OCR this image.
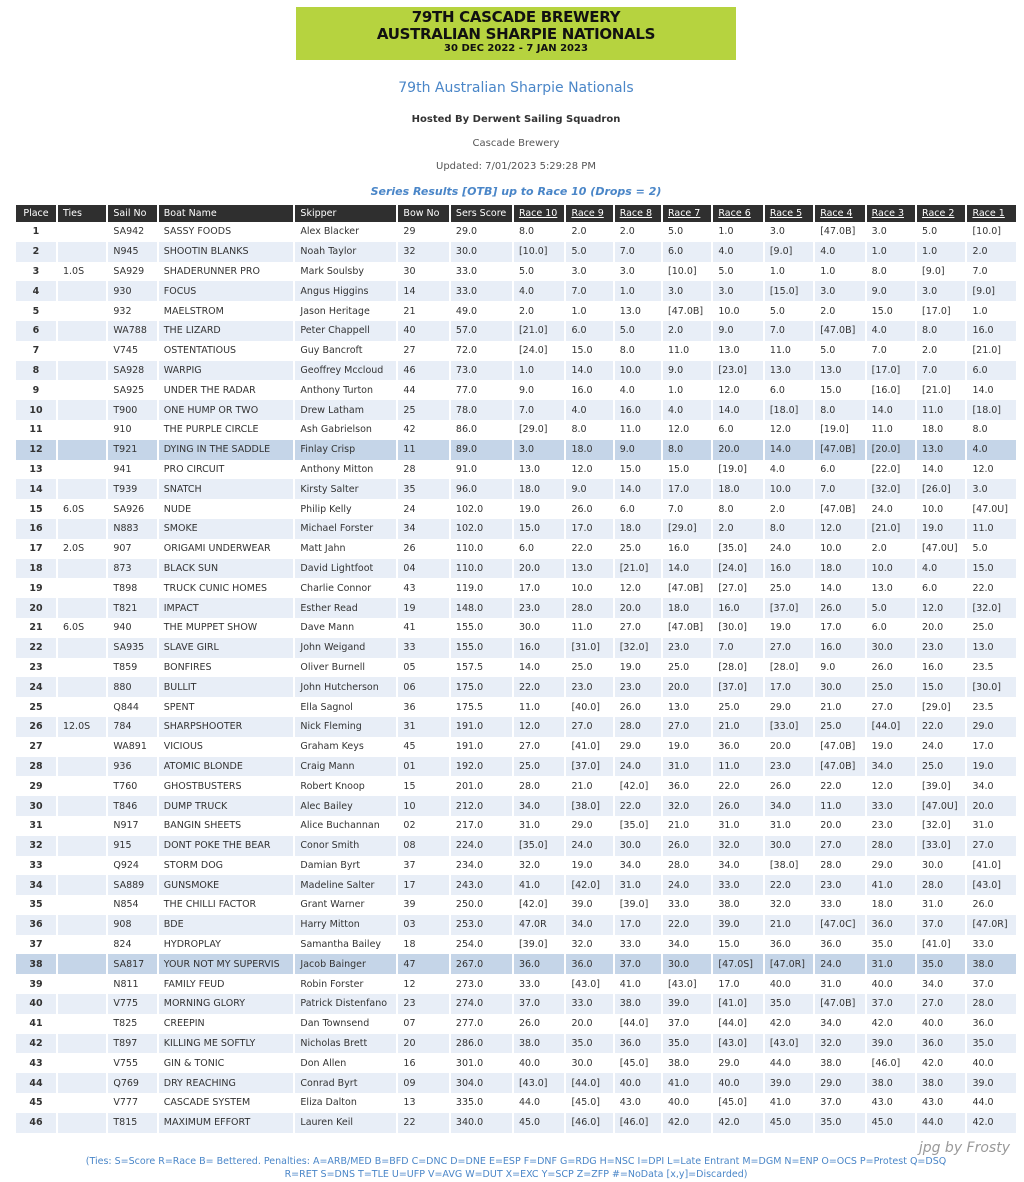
79TH CASCADE BREWERY
AUSTRALIAN SHARPIE NATIONALS
30 DEC 2022 - 7 JAN 2023
79th Australian Sharpie Nationals
Hosted By Derwent Sailing Squadron
Cascade Brewery
Updated: 7/01/2023 5:29:28 PM
Series Results [OTB] up to Race 10 (Drops = 2)
Place	Ties	Sail No	Boat Name	Skipper	Bow No	Sers Score	Race 10	Race 9	Race 8	Race 7	Race 6	Race 5	Race 4	Race 3	Race 2	Race 1
1		SA942	SASSY FOODS	Alex Blacker	29	29.0	8.0	2.0	2.0	5.0	1.0	3.0	[47.0B]	3.0	5.0	[10.0]
2		N945	SHOOTIN BLANKS	Noah Taylor	32	30.0	[10.0]	5.0	7.0	6.0	4.0	[9.0]	4.0	1.0	1.0	2.0
3	1.0S	SA929	SHADERUNNER PRO	Mark Soulsby	30	33.0	5.0	3.0	3.0	[10.0]	5.0	1.0	1.0	8.0	[9.0]	7.0
4		930	FOCUS	Angus Higgins	14	33.0	4.0	7.0	1.0	3.0	3.0	[15.0]	3.0	9.0	3.0	[9.0]
5		932	MAELSTROM	Jason Heritage	21	49.0	2.0	1.0	13.0	[47.0B]	10.0	5.0	2.0	15.0	[17.0]	1.0
6		WA788	THE LIZARD	Peter Chappell	40	57.0	[21.0]	6.0	5.0	2.0	9.0	7.0	[47.0B]	4.0	8.0	16.0
7		V745	OSTENTATIOUS	Guy Bancroft	27	72.0	[24.0]	15.0	8.0	11.0	13.0	11.0	5.0	7.0	2.0	[21.0]
8		SA928	WARPIG	Geoffrey Mccloud	46	73.0	1.0	14.0	10.0	9.0	[23.0]	13.0	13.0	[17.0]	7.0	6.0
9		SA925	UNDER THE RADAR	Anthony Turton	44	77.0	9.0	16.0	4.0	1.0	12.0	6.0	15.0	[16.0]	[21.0]	14.0
10		T900	ONE HUMP OR TWO	Drew Latham	25	78.0	7.0	4.0	16.0	4.0	14.0	[18.0]	8.0	14.0	11.0	[18.0]
11		910	THE PURPLE CIRCLE	Ash Gabrielson	42	86.0	[29.0]	8.0	11.0	12.0	6.0	12.0	[19.0]	11.0	18.0	8.0
12		T921	DYING IN THE SADDLE	Finlay Crisp	11	89.0	3.0	18.0	9.0	8.0	20.0	14.0	[47.0B]	[20.0]	13.0	4.0
13		941	PRO CIRCUIT	Anthony Mitton	28	91.0	13.0	12.0	15.0	15.0	[19.0]	4.0	6.0	[22.0]	14.0	12.0
14		T939	SNATCH	Kirsty Salter	35	96.0	18.0	9.0	14.0	17.0	18.0	10.0	7.0	[32.0]	[26.0]	3.0
15	6.0S	SA926	NUDE	Philip Kelly	24	102.0	19.0	26.0	6.0	7.0	8.0	2.0	[47.0B]	24.0	10.0	[47.0U]
16		N883	SMOKE	Michael Forster	34	102.0	15.0	17.0	18.0	[29.0]	2.0	8.0	12.0	[21.0]	19.0	11.0
17	2.0S	907	ORIGAMI UNDERWEAR	Matt Jahn	26	110.0	6.0	22.0	25.0	16.0	[35.0]	24.0	10.0	2.0	[47.0U]	5.0
18		873	BLACK SUN	David Lightfoot	04	110.0	20.0	13.0	[21.0]	14.0	[24.0]	16.0	18.0	10.0	4.0	15.0
19		T898	TRUCK CUNIC HOMES	Charlie Connor	43	119.0	17.0	10.0	12.0	[47.0B]	[27.0]	25.0	14.0	13.0	6.0	22.0
20		T821	IMPACT	Esther Read	19	148.0	23.0	28.0	20.0	18.0	16.0	[37.0]	26.0	5.0	12.0	[32.0]
21	6.0S	940	THE MUPPET SHOW	Dave Mann	41	155.0	30.0	11.0	27.0	[47.0B]	[30.0]	19.0	17.0	6.0	20.0	25.0
22		SA935	SLAVE GIRL	John Weigand	33	155.0	16.0	[31.0]	[32.0]	23.0	7.0	27.0	16.0	30.0	23.0	13.0
23		T859	BONFIRES	Oliver Burnell	05	157.5	14.0	25.0	19.0	25.0	[28.0]	[28.0]	9.0	26.0	16.0	23.5
24		880	BULLIT	John Hutcherson	06	175.0	22.0	23.0	23.0	20.0	[37.0]	17.0	30.0	25.0	15.0	[30.0]
25		Q844	SPENT	Ella Sagnol	36	175.5	11.0	[40.0]	26.0	13.0	25.0	29.0	21.0	27.0	[29.0]	23.5
26	12.0S	784	SHARPSHOOTER	Nick Fleming	31	191.0	12.0	27.0	28.0	27.0	21.0	[33.0]	25.0	[44.0]	22.0	29.0
27		WA891	VICIOUS	Graham Keys	45	191.0	27.0	[41.0]	29.0	19.0	36.0	20.0	[47.0B]	19.0	24.0	17.0
28		936	ATOMIC BLONDE	Craig Mann	01	192.0	25.0	[37.0]	24.0	31.0	11.0	23.0	[47.0B]	34.0	25.0	19.0
29		T760	GHOSTBUSTERS	Robert Knoop	15	201.0	28.0	21.0	[42.0]	36.0	22.0	26.0	22.0	12.0	[39.0]	34.0
30		T846	DUMP TRUCK	Alec Bailey	10	212.0	34.0	[38.0]	22.0	32.0	26.0	34.0	11.0	33.0	[47.0U]	20.0
31		N917	BANGIN SHEETS	Alice Buchannan	02	217.0	31.0	29.0	[35.0]	21.0	31.0	31.0	20.0	23.0	[32.0]	31.0
32		915	DONT POKE THE BEAR	Conor Smith	08	224.0	[35.0]	24.0	30.0	26.0	32.0	30.0	27.0	28.0	[33.0]	27.0
33		Q924	STORM DOG	Damian Byrt	37	234.0	32.0	19.0	34.0	28.0	34.0	[38.0]	28.0	29.0	30.0	[41.0]
34		SA889	GUNSMOKE	Madeline Salter	17	243.0	41.0	[42.0]	31.0	24.0	33.0	22.0	23.0	41.0	28.0	[43.0]
35		N854	THE CHILLI FACTOR	Grant Warner	39	250.0	[42.0]	39.0	[39.0]	33.0	38.0	32.0	33.0	18.0	31.0	26.0
36		908	BDE	Harry Mitton	03	253.0	47.0R	34.0	17.0	22.0	39.0	21.0	[47.0C]	36.0	37.0	[47.0R]
37		824	HYDROPLAY	Samantha Bailey	18	254.0	[39.0]	32.0	33.0	34.0	15.0	36.0	36.0	35.0	[41.0]	33.0
38		SA817	YOUR NOT MY SUPERVIS	Jacob Bainger	47	267.0	36.0	36.0	37.0	30.0	[47.0S]	[47.0R]	24.0	31.0	35.0	38.0
39		N811	FAMILY FEUD	Robin Forster	12	273.0	33.0	[43.0]	41.0	[43.0]	17.0	40.0	31.0	40.0	34.0	37.0
40		V775	MORNING GLORY	Patrick Distenfano	23	274.0	37.0	33.0	38.0	39.0	[41.0]	35.0	[47.0B]	37.0	27.0	28.0
41		T825	CREEPIN	Dan Townsend	07	277.0	26.0	20.0	[44.0]	37.0	[44.0]	42.0	34.0	42.0	40.0	36.0
42		T897	KILLING ME SOFTLY	Nicholas Brett	20	286.0	38.0	35.0	36.0	35.0	[43.0]	[43.0]	32.0	39.0	36.0	35.0
43		V755	GIN & TONIC	Don Allen	16	301.0	40.0	30.0	[45.0]	38.0	29.0	44.0	38.0	[46.0]	42.0	40.0
44		Q769	DRY REACHING	Conrad Byrt	09	304.0	[43.0]	[44.0]	40.0	41.0	40.0	39.0	29.0	38.0	38.0	39.0
45		V777	CASCADE SYSTEM	Eliza Dalton	13	335.0	44.0	[45.0]	43.0	40.0	[45.0]	41.0	37.0	43.0	43.0	44.0
46		T815	MAXIMUM EFFORT	Lauren Keil	22	340.0	45.0	[46.0]	[46.0]	42.0	42.0	45.0	35.0	45.0	44.0	42.0
jpg by Frosty
(Ties: S=Score R=Race B= Bettered. Penalties: A=ARB/MED B=BFD C=DNC D=DNE E=ESP F=DNF G=RDG H=NSC I=DPI L=Late Entrant M=DGM N=ENP O=OCS P=Protest Q=DSQ
R=RET S=DNS T=TLE U=UFP V=AVG W=DUT X=EXC Y=SCP Z=ZFP #=NoData [x,y]=Discarded)
